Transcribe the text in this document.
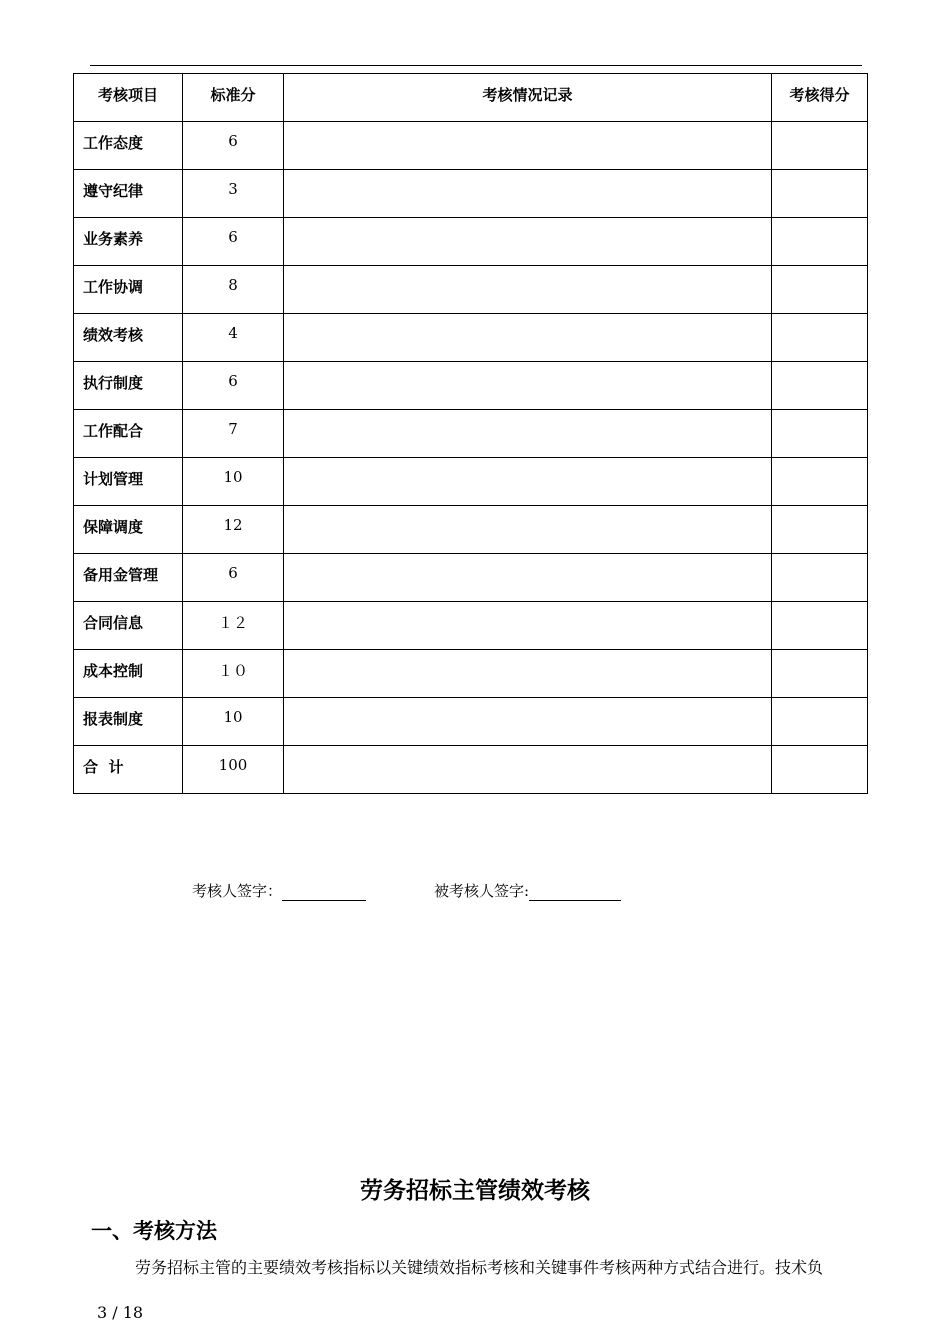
考核项目	标准分	考核情况记录	考核得分
工作态度	6		
遵守纪律	3		
业务素养	6		
工作协调	8		
绩效考核	4		
执行制度	6		
工作配合	7		
计划管理	10		
保障调度	12		
备用金管理	6		
合同信息	１２		
成本控制	１０		
报表制度	10		
合  计	100		
考核人签字：	被考核人签字:
劳务招标主管绩效考核
一、考核方法
劳务招标主管的主要绩效考核指标以关键绩效指标考核和关键事件考核两种方式结合进行。技术负
3 / 18
